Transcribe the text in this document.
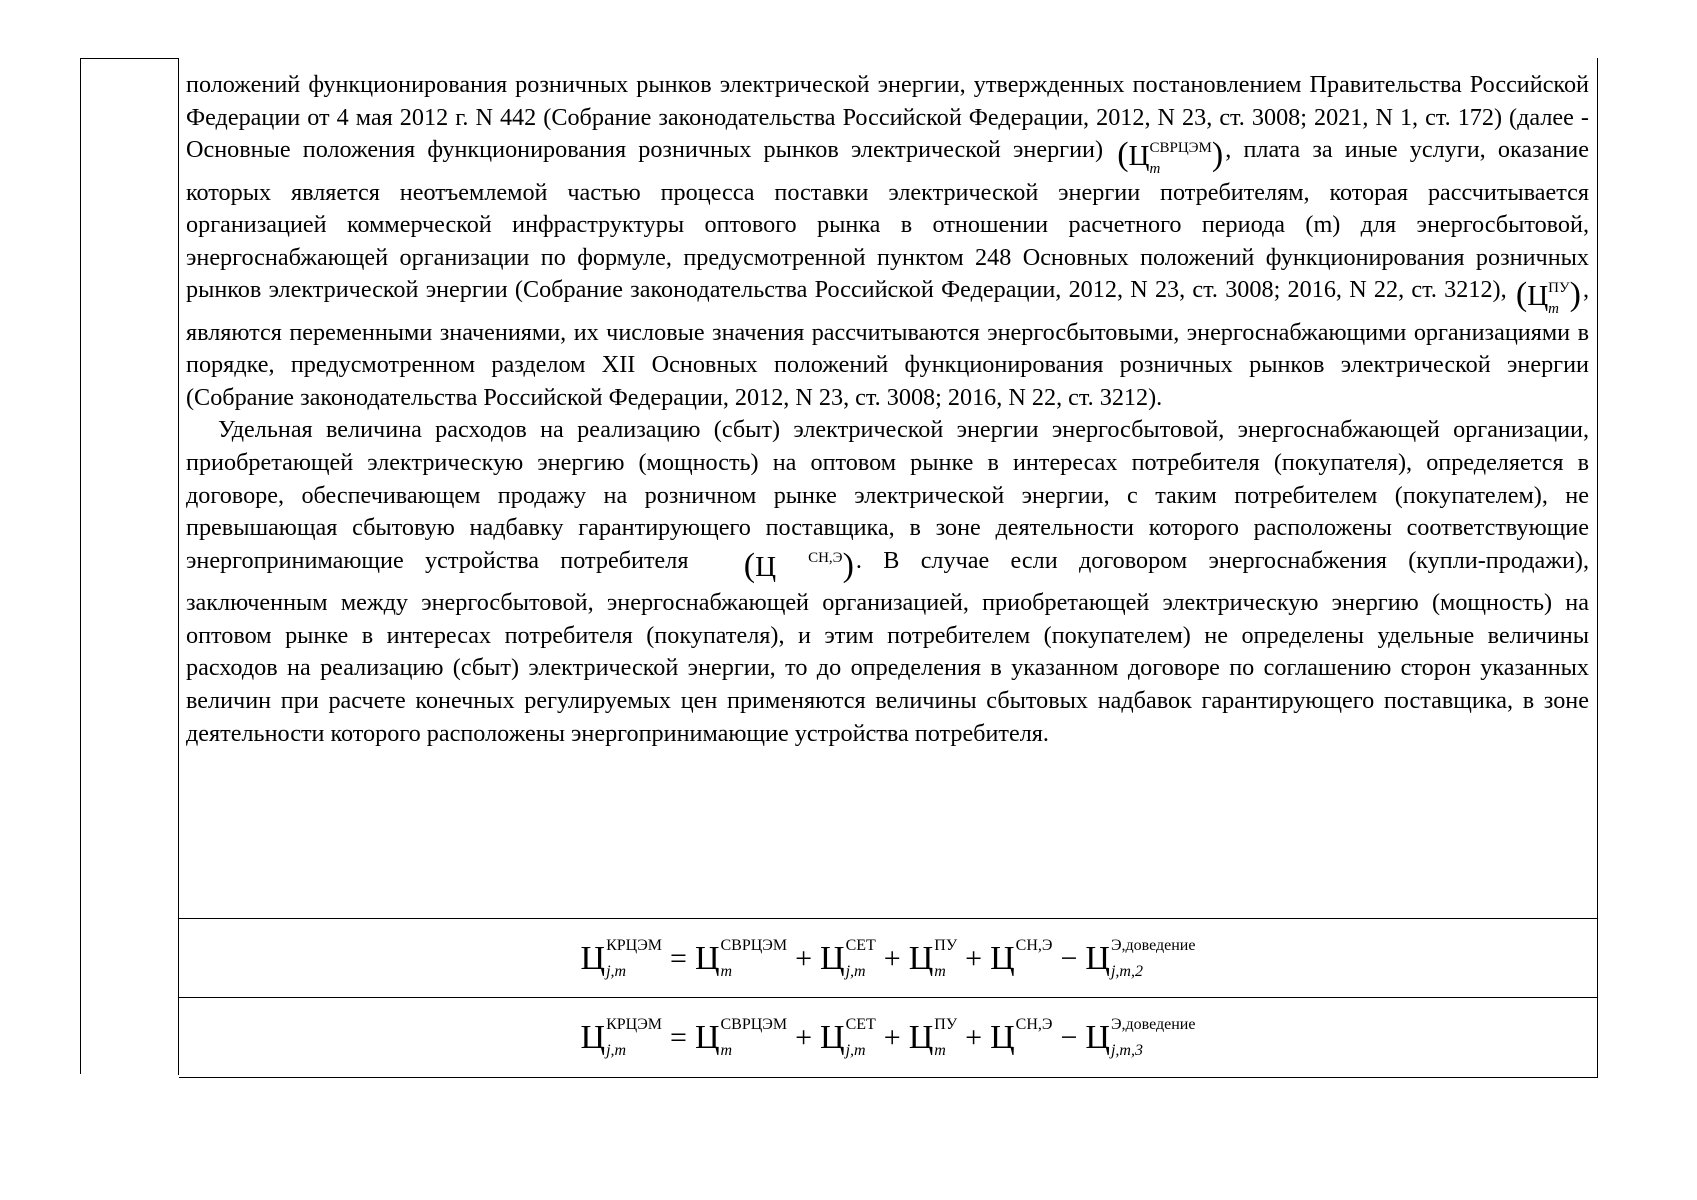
положений функционирования розничных рынков электрической энергии, утвержденных постановлением Правительства Российской Федерации от 4 мая 2012 г. N 442 (Собрание законодательства Российской Федерации, 2012, N 23, ст. 3008; 2021, N 1, ст. 172) (далее - Основные положения функционирования розничных рынков электрической энергии) (Ц СВРЦЭМ
m	), плата за иные услуги, оказание которых является неотъемлемой частью процесса поставки электрической энергии потребителям, которая рассчитывается организацией коммерческой инфраструктуры оптового рынка в отношении расчетного периода (m) для энергосбытовой, энергоснабжающей организации по формуле, предусмотренной пунктом 248 Основных положений функционирования розничных рынков электрической энергии (Собрание законодательства Российской Федерации, 2012, N 23, ст. 3008; 2016, N 22, ст. 3212), (Ц ПУ
m ), являются переменными значениями, их числовые значения рассчитываются энергосбытовыми, энергоснабжающими организациями в порядке, предусмотренном разделом XII Основных положений функционирования розничных рынков электрической энергии (Собрание законодательства Российской Федерации, 2012, N 23, ст. 3008; 2016, N 22, ст. 3212).

Удельная величина расходов на реализацию (сбыт) электрической энергии энергосбытовой, энергоснабжающей организации, приобретающей электрическую энергию (мощность) на оптовом рынке в интересах потребителя (покупателя), определяется в договоре, обеспечивающем продажу на розничном рынке электрической энергии, с таким потребителем (покупателем), не превышающая сбытовую надбавку гарантирующего поставщика, в зоне деятельности которого расположены соответствующие энергопринимающие устройства потребителя (Ц	СН,Э
). В случае если договором энергоснабжения (купли-продажи), заключенным между энергосбытовой, энергоснабжающей организацией, приобретающей электрическую энергию (мощность) на оптовом рынке в интересах потребителя (покупателя), и этим потребителем (покупателем) не определены удельные величины расходов на реализацию (сбыт) электрической энергии, то до определения в указанном договоре по соглашению сторон указанных величин при расчете конечных регулируемых цен применяются величины сбытовых надбавок гарантирующего поставщика, в зоне деятельности которого расположены энергопринимающие устройства потребителя.

Ц КРЦЭМ
j,m	= Ц СВРЦЭМ
m	+ Ц СЕТ
j,m + Ц ПУ
m + Ц СН,Э
− Ц Э,доведение
j,m,2
Ц КРЦЭМ
j,m	= Ц СВРЦЭМ
m	+ Ц СЕТ
j,m + Ц ПУ
m + Ц СН,Э
− Ц Э,доведение
j,m,3
